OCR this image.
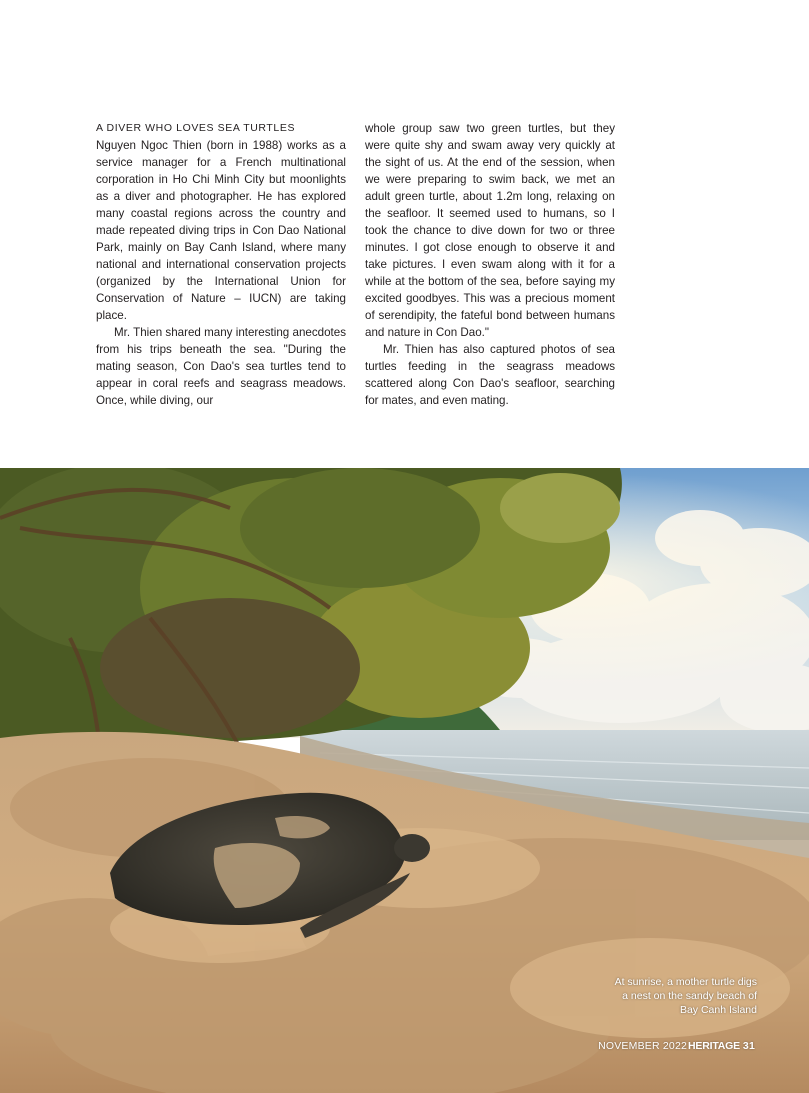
A DIVER WHO LOVES SEA TURTLES

Nguyen Ngoc Thien (born in 1988) works as a service manager for a French multinational corporation in Ho Chi Minh City but moonlights as a diver and photographer. He has explored many coastal regions across the country and made repeated diving trips in Con Dao National Park, mainly on Bay Canh Island, where many national and international conservation projects (organized by the International Union for Conservation of Nature – IUCN) are taking place.

Mr. Thien shared many interesting anecdotes from his trips beneath the sea. "During the mating season, Con Dao's sea turtles tend to appear in coral reefs and seagrass meadows. Once, while diving, our

whole group saw two green turtles, but they were quite shy and swam away very quickly at the sight of us. At the end of the session, when we were preparing to swim back, we met an adult green turtle, about 1.2m long, relaxing on the seafloor. It seemed used to humans, so I took the chance to dive down for two or three minutes. I got close enough to observe it and take pictures. I even swam along with it for a while at the bottom of the sea, before saying my excited goodbyes. This was a precious moment of serendipity, the fateful bond between humans and nature in Con Dao."

Mr. Thien has also captured photos of sea turtles feeding in the seagrass meadows scattered along Con Dao's seafloor, searching for mates, and even mating.

At sunrise, a mother turtle digs a nest on the sandy beach of Bay Canh Island
NOVEMBER 2022HERITAGE 31
